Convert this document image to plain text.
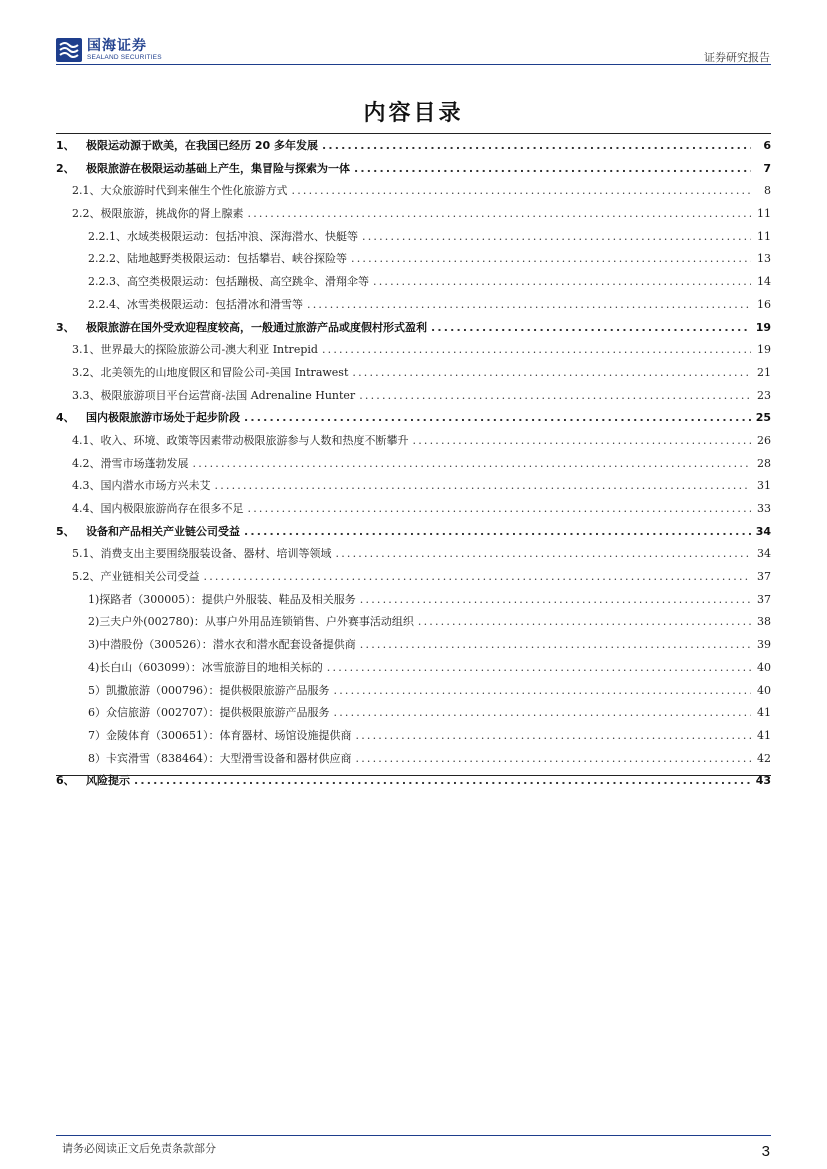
国海证券
SEALAND SECURITIES	证券研究报告
内容目录
1、	极限运动源于欧美，在我国已经历 20 多年发展 .....	6
2、	极限旅游在极限运动基础上产生，集冒险与探索为一体 .....	7
2.1、 大众旅游时代到来催生个性化旅游方式 .....	8
2.2、 极限旅游，挑战你的肾上腺素 .....	11
2.2.1、 水域类极限运动：包括冲浪、深海潜水、快艇等 .....	11
2.2.2、 陆地越野类极限运动：包括攀岩、峡谷探险等 .....	13
2.2.3、 高空类极限运动：包括蹦极、高空跳伞、滑翔伞等 .....	14
2.2.4、 冰雪类极限运动：包括滑冰和滑雪等 .....	16
3、	极限旅游在国外受欢迎程度较高，一般通过旅游产品或度假村形式盈利 .....	19
3.1、 世界最大的探险旅游公司-澳大利亚 Intrepid .....	19
3.2、 北美领先的山地度假区和冒险公司-美国 Intrawest .....	21
3.3、 极限旅游项目平台运营商-法国 Adrenaline Hunter .....	23
4、	国内极限旅游市场处于起步阶段 .....	25
4.1、 收入、环境、政策等因素带动极限旅游参与人数和热度不断攀升 .....	26
4.2、 滑雪市场蓬勃发展 .....	28
4.3、 国内潜水市场方兴未艾 .....	31
4.4、 国内极限旅游尚存在很多不足 .....	33
5、	设备和产品相关产业链公司受益 .....	34
5.1、 消费支出主要围绕服装设备、器材、培训等领域 .....	34
5.2、 产业链相关公司受益 .....	37
1) 探路者（300005）：提供户外服装、鞋品及相关服务 .....	37
2) 三夫户外(002780)：从事户外用品连锁销售、户外赛事活动组织 .....	38
3) 中潜股份（300526）：潜水衣和潜水配套设备提供商 .....	39
4) 长白山（603099）：冰雪旅游目的地相关标的 .....	40
5） 凯撒旅游（000796）：提供极限旅游产品服务 .....	40
6） 众信旅游（002707）：提供极限旅游产品服务 .....	41
7） 金陵体育（300651）：体育器材、场馆设施提供商 .....	41
8） 卡宾滑雪（838464）：大型滑雪设备和器材供应商 .....	42
6、	风险提示 .....	43
请务必阅读正文后免责条款部分	3
